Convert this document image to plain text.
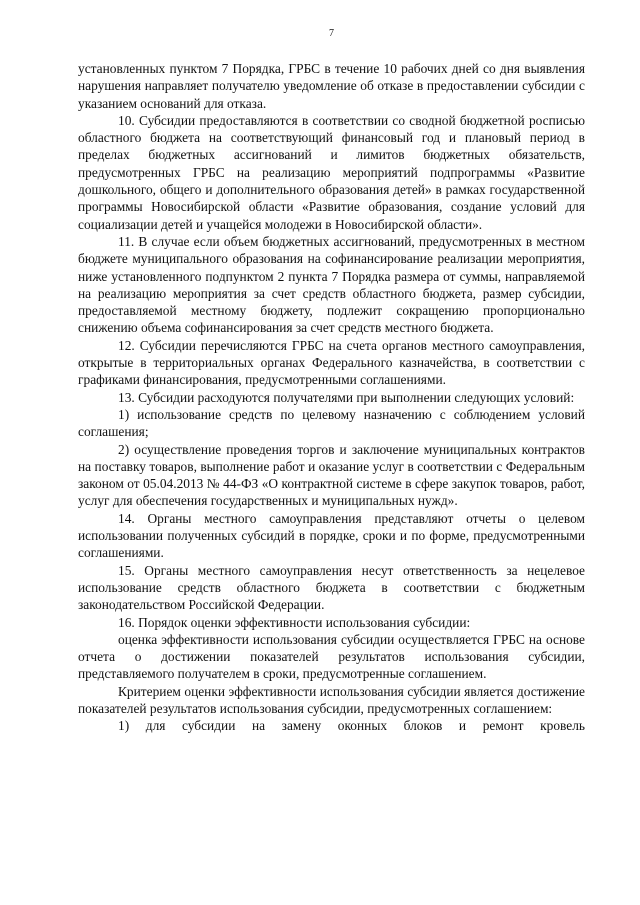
7

установленных пунктом 7 Порядка, ГРБС в течение 10 рабочих дней со дня выявления нарушения направляет получателю уведомление об отказе в предоставлении субсидии с указанием оснований для отказа.

10. Субсидии предоставляются в соответствии со сводной бюджетной росписью областного бюджета на соответствующий финансовый год и плановый период в пределах бюджетных ассигнований и лимитов бюджетных обязательств, предусмотренных ГРБС на реализацию мероприятий подпрограммы «Развитие дошкольного, общего и дополнительного образования детей» в рамках государственной программы Новосибирской области «Развитие образования, создание условий для социализации детей и учащейся молодежи в Новосибирской области».

11. В случае если объем бюджетных ассигнований, предусмотренных в местном бюджете муниципального образования на софинансирование реализации мероприятия, ниже установленного подпунктом 2 пункта 7 Порядка размера от суммы, направляемой на реализацию мероприятия за счет средств областного бюджета, размер субсидии, предоставляемой местному бюджету, подлежит сокращению пропорционально снижению объема софинансирования за счет средств местного бюджета.

12. Субсидии перечисляются ГРБС на счета органов местного самоуправления, открытые в территориальных органах Федерального казначейства, в соответствии с графиками финансирования, предусмотренными соглашениями.

13. Субсидии расходуются получателями при выполнении следующих условий:

1) использование средств по целевому назначению с соблюдением условий соглашения;

2) осуществление проведения торгов и заключение муниципальных контрактов на поставку товаров, выполнение работ и оказание услуг в соответствии с Федеральным законом от 05.04.2013 № 44-ФЗ «О контрактной системе в сфере закупок товаров, работ, услуг для обеспечения государственных и муниципальных нужд».

14. Органы местного самоуправления представляют отчеты о целевом использовании полученных субсидий в порядке, сроки и по форме, предусмотренными соглашениями.

15. Органы местного самоуправления несут ответственность за нецелевое использование средств областного бюджета в соответствии с бюджетным законодательством Российской Федерации.

16. Порядок оценки эффективности использования субсидии:

оценка эффективности использования субсидии осуществляется ГРБС на основе отчета о достижении показателей результатов использования субсидии, представляемого получателем в сроки, предусмотренные соглашением.

Критерием оценки эффективности использования субсидии является достижение показателей результатов использования субсидии, предусмотренных соглашением:

1) для субсидии на замену оконных блоков и ремонт кровель
